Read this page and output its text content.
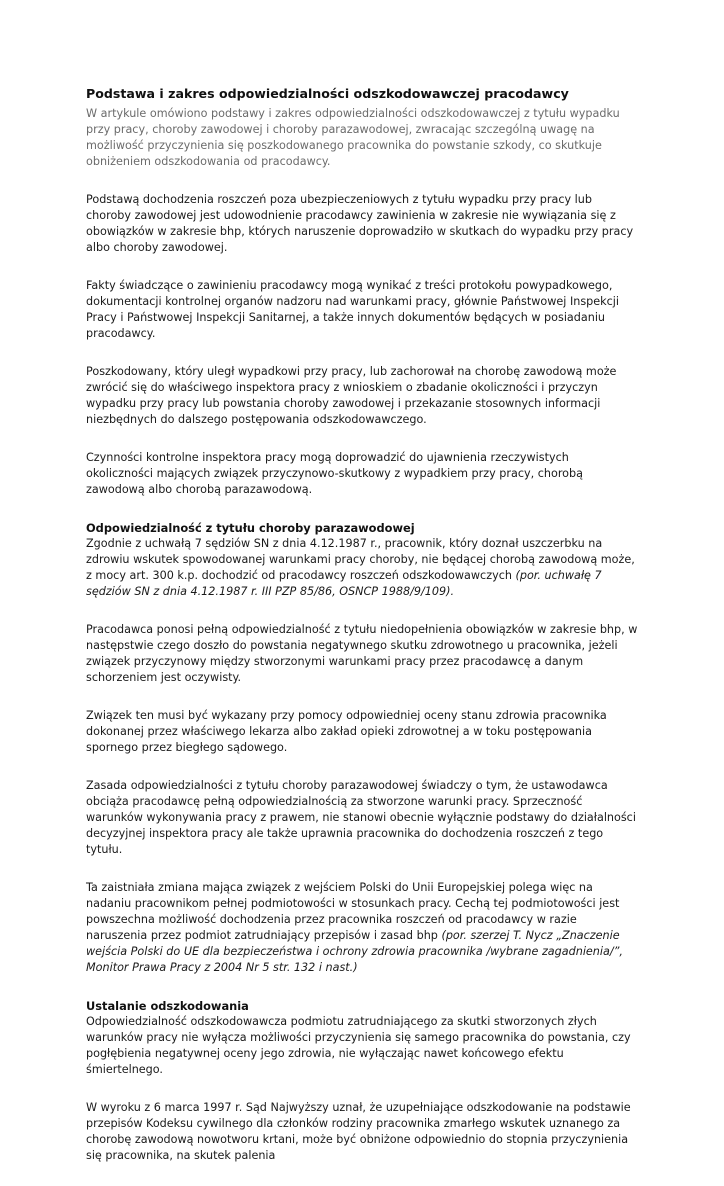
Podstawa i zakres odpowiedzialności odszkodowawczej pracodawcy

W artykule omówiono podstawy i zakres odpowiedzialności odszkodowawczej z tytułu wypadku przy pracy, choroby zawodowej i choroby parazawodowej, zwracając szczególną uwagę na możliwość przyczynienia się poszkodowanego pracownika do powstanie szkody, co skutkuje obniżeniem odszkodowania od pracodawcy.

Podstawą dochodzenia roszczeń poza ubezpieczeniowych z tytułu wypadku przy pracy lub choroby zawodowej jest udowodnienie pracodawcy zawinienia w zakresie nie wywiązania się z obowiązków w zakresie bhp, których naruszenie doprowadziło w skutkach do wypadku przy pracy albo choroby zawodowej.

Fakty świadczące o zawinieniu pracodawcy mogą wynikać z treści protokołu powypadkowego, dokumentacji kontrolnej organów nadzoru nad warunkami pracy, głównie Państwowej Inspekcji Pracy i Państwowej Inspekcji Sanitarnej, a także innych dokumentów będących w posiadaniu pracodawcy.

Poszkodowany, który uległ wypadkowi przy pracy, lub zachorował na chorobę zawodową może zwrócić się do właściwego inspektora pracy z wnioskiem o zbadanie okoliczności i przyczyn wypadku przy pracy lub powstania choroby zawodowej i przekazanie stosownych informacji niezbędnych do dalszego postępowania odszkodowawczego.

Czynności kontrolne inspektora pracy mogą doprowadzić do ujawnienia rzeczywistych okoliczności mających związek przyczynowo-skutkowy z wypadkiem przy pracy, chorobą zawodową albo chorobą parazawodową.

Odpowiedzialność z tytułu choroby parazawodowej

Zgodnie z uchwałą 7 sędziów SN z dnia 4.12.1987 r., pracownik, który doznał uszczerbku na zdrowiu wskutek spowodowanej warunkami pracy choroby, nie będącej chorobą zawodową może, z mocy art. 300 k.p. dochodzić od pracodawcy roszczeń odszkodowawczych (por. uchwałę 7 sędziów SN z dnia 4.12.1987 r. III PZP 85/86, OSNCP 1988/9/109).

Pracodawca ponosi pełną odpowiedzialność z tytułu niedopełnienia obowiązków w zakresie bhp, w następstwie czego doszło do powstania negatywnego skutku zdrowotnego u pracownika, jeżeli związek przyczynowy między stworzonymi warunkami pracy przez pracodawcę a danym schorzeniem jest oczywisty.

Związek ten musi być wykazany przy pomocy odpowiedniej oceny stanu zdrowia pracownika dokonanej przez właściwego lekarza albo zakład opieki zdrowotnej a w toku postępowania spornego przez biegłego sądowego.

Zasada odpowiedzialności z tytułu choroby parazawodowej świadczy o tym, że ustawodawca obciąża pracodawcę pełną odpowiedzialnością za stworzone warunki pracy. Sprzeczność warunków wykonywania pracy z prawem, nie stanowi obecnie wyłącznie podstawy do działalności decyzyjnej inspektora pracy ale także uprawnia pracownika do dochodzenia roszczeń z tego tytułu.

Ta zaistniała zmiana mająca związek z wejściem Polski do Unii Europejskiej polega więc na nadaniu pracownikom pełnej podmiotowości w stosunkach pracy. Cechą tej podmiotowości jest powszechna możliwość dochodzenia przez pracownika roszczeń od pracodawcy w razie naruszenia przez podmiot zatrudniający przepisów i zasad bhp (por. szerzej T. Nycz „Znaczenie wejścia Polski do UE dla bezpieczeństwa i ochrony zdrowia pracownika /wybrane zagadnienia/”, Monitor Prawa Pracy z 2004 Nr 5 str. 132 i nast.)

Ustalanie odszkodowania

Odpowiedzialność odszkodowawcza podmiotu zatrudniającego za skutki stworzonych złych warunków pracy nie wyłącza możliwości przyczynienia się samego pracownika do powstania, czy pogłębienia negatywnej oceny jego zdrowia, nie wyłączając nawet końcowego efektu śmiertelnego.

W wyroku z 6 marca 1997 r. Sąd Najwyższy uznał, że uzupełniające odszkodowanie na podstawie przepisów Kodeksu cywilnego dla członków rodziny pracownika zmarłego wskutek uznanego za chorobę zawodową nowotworu krtani, może być obniżone odpowiednio do stopnia przyczynienia się pracownika, na skutek palenia
